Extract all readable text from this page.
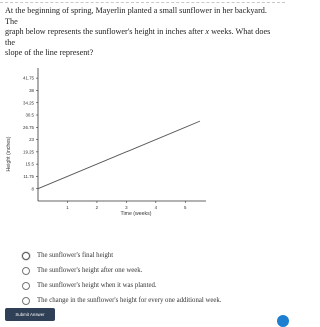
At the beginning of spring, Mayerlin planted a small sunflower in her backyard. The
graph below represents the sunflower's height in inches after x weeks. What does the
slope of the line represent?
8
11.75
15.5
19.25
23
26.75
30.5
34.25
38
41.75
1	2	3	4	5
Time (weeks)
Height (inches)
The sunflower's final height
The sunflower's height after one week.
The sunflower's height when it was planted.
The change in the sunflower's height for every one additional week.
Submit Answer
